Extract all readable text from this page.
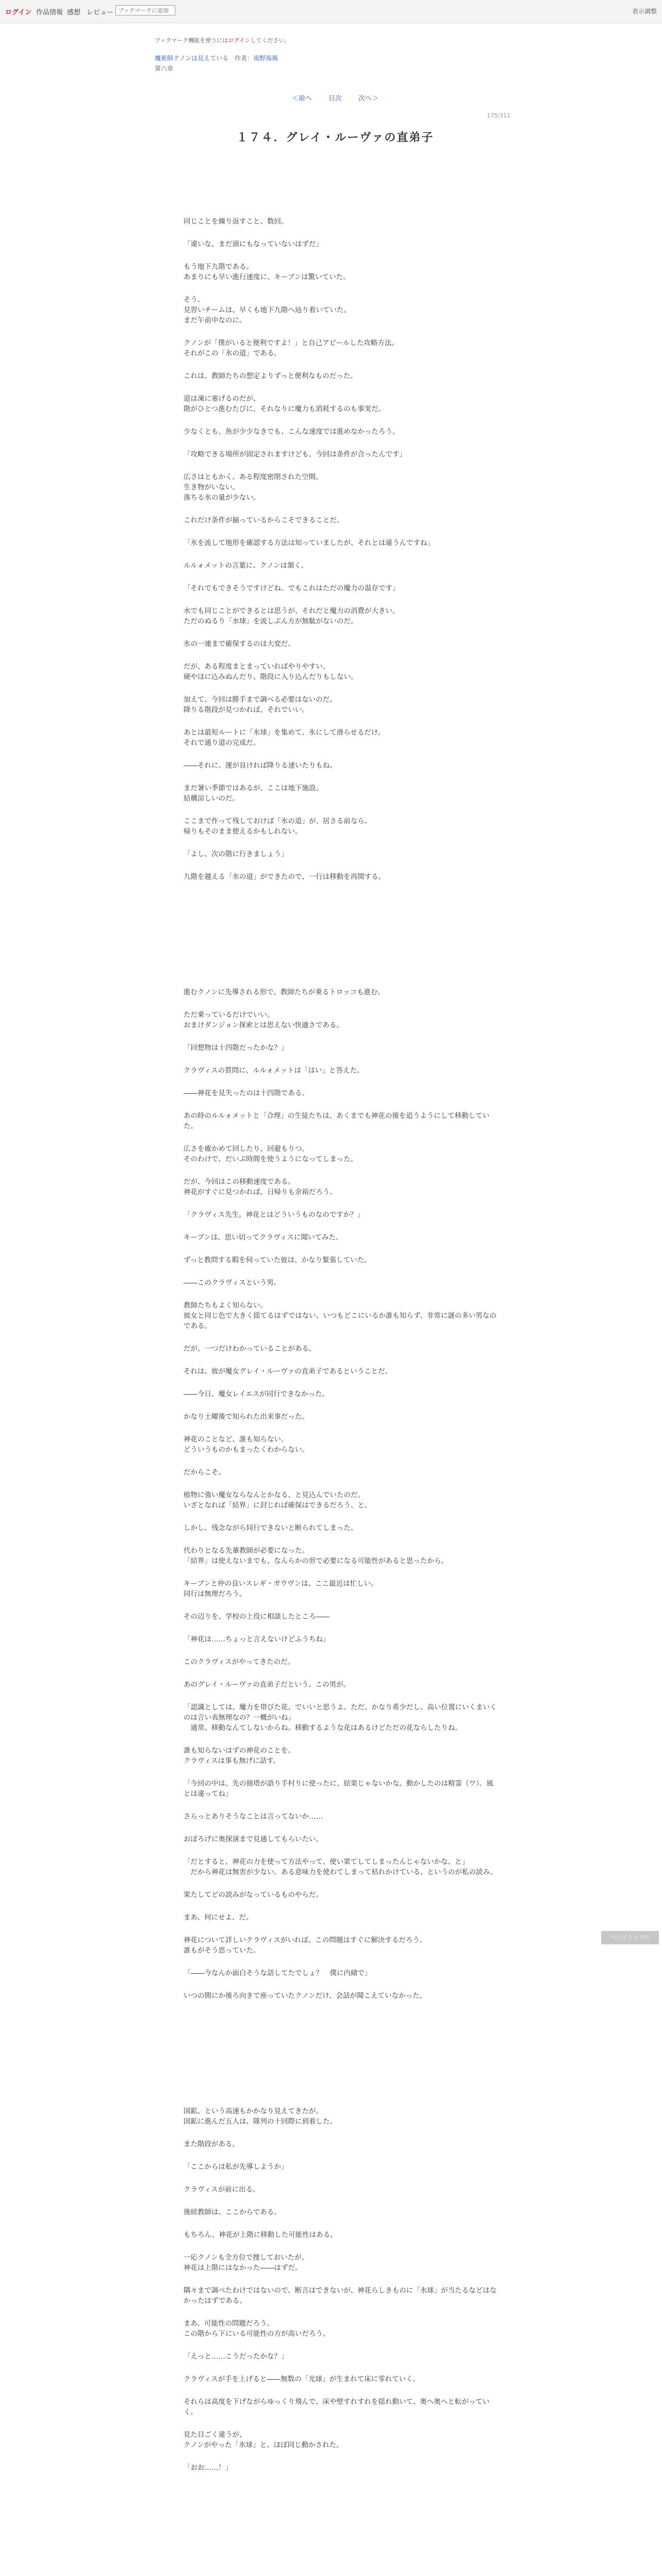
ログイン 作品情報 感想 レビュー ブックマークに追加	表示調整
ブックマーク機能を使うにはログインしてください。
魔術師クノンは見えている 作者：南野海風
第六章
＜前へ 目次 次へ＞
175/311
１７４．グレイ・ルーヴァの直弟子
同じことを繰り返すこと、数回。
「違いな、まだ頭にもなっていないはずだ」
もう地下九階である。
あまりにも早い進行速度に、キーブンは驚いていた。
そう。
見習いチームは、早くも地下九階へ辿り着いていた。
まだ午前中なのに。
クノンが「僕がいると便利ですよ！」と自己アピールした攻略方法。
それがこの「氷の道」である。
これは、教師たちの想定よりずっと便利なものだった。
道は凍に塞げるのだが、
階がひとつ進むたびに、それなりに魔力も消耗するのも事実だ。
少なくとも、魚が少少なきでも、こんな速度では進めなかったろう。
「攻略できる場所が固定されますけども、今回は条件が合ったんです」
広さはともかく、ある程度密閉された空間。
生き物がいない。
落ちる氷の量が少ない。
これだけ条件が揃っているからこそできることだ。
「氷を流して地形を確認する方法は知っていましたが、それとは違うんですね」
ルルォメットの言葉に、クノンは頷く。
「それでもできそうですけどね。でもこれはただの魔力の温存です」
水でも同じことができるとは思うが、それだと魔力の消費が大きい。
ただのぬるり「水球」を流しぶん方が無駄がないのだ。
氷の一連まで確保するのは大変だ。
だが、ある程度まとまっていればやりやすい。
硬やほに込みぬんだり、階段に入り込んだりもしない。
加えて、今回は勝手まで調べる必要はないのだ。
降りる階段が見つかれば、それでいい。
あとは最短ルートに「氷球」を集めて、氷にして滑らせるだけ。
それで通り道の完成だ。
――それに、運が良ければ降りる速いたりもね。
まだ暑い季節ではあるが、ここは地下施設。
結構涼しいのだ。
ここまで作って残しておけば「氷の道」が、居さる前なら。
帰りもそのまま使えるかもしれない。
「よし、次の階に行きましょう」
九階を越える「氷の道」ができたので、一行は移動を再開する。
進むクノンに先導される形で、教師たちが乗るトロッコも進む。
ただ乗っているだけでいい。
おまけダンジョン探索とは思えない快適さである。
「回想物は十四階だったかな？」
クラヴィスの質問に、ルルォメットは「はい」と答えた。
――神花を見失ったのは十四階である。
あの時のルルォメットと「合理」の生徒たちは、あくまでも神花の後を追うようにして移動していた。
広さを確かめて回したり、回避もりつ。
そのわけで、だいぶ時間を使うようになってしまった。
だが、今回はこの移動速度である。
神花がすぐに見つかれば、日帰りも余裕だろう。
「クラヴィス先生。神花とはどういうものなのですか？」
キーブンは、思い切ってクラヴィスに聞いてみた。
ずっと教問する暇を伺っていた彼は、かなり緊張していた。
――このクラヴィスという男。
教師たちもよく知らない。
彼女と同じ色で大きく揺てるはずではない、いつもどこにいるか誰も知らず、非常に謎の多い男なのである。
だが、一つだけわかっていることがある。
それは、彼が魔女グレイ・ルーヴァの直弟子であるということだ。
――今日、魔女レイエスが同行できなかった。
かなり土曜後で知られた出来事だった。
神花のことなど、誰も知らない。
どういうものかもまったくわからない。
だからこそ。
植物に強い魔女ならなんとかなる、と見込んでいたのだ。
いざとなれば「結界」に封じれば確保はできるだろう、と。
しかし、残念ながら同行できないと断られてしまった。
代わりとなる先輩教師が必要になった。
「結界」は使えないまでも、なんらかの形で必要になる可能性があると思ったから。
キーブンと仲の良いスレギ・ガウヴンは、ここ最近は忙しい。
同行は無理だろう。
その辺りを、学校の上役に相談したところ――
「神花は……ちょっと言えないけどふうちね」
このクラヴィスがやってきたのだ。
あのグレイ・ルーヴァの直弟子だという。この男が。
「認識としては、魔力を帯びた花、でいいと思うよ。ただ、かなり希少だし、高い位置にいくまいくのは言い表無理なの？一概がいね」
　通常、移動なんてしないからね。移動するような花はあるけどただの花ならしたりね。
誰も知らないはずの神花のことを。
クラヴィスは事も無げに話す。
「今回の中は、先の冊塔が語り手村りに使ったに、結果じゃないかな。動かしたのは精霊（ワ）。風とは違ってね」
さらっとありそうなことは言ってないか……
おぼろげに奥探演まで見通してもらいたい。
「だとすると、神花の力を使って方法やって、使い果てしてしまったんじゃないかな、と」
　だから神花は無害が少ない。ある意味力を使わてしまって枯れかけている、というのが私の読み。
果たしてどの読みがなっているものやらだ。
まあ、何にせよ、だ。
神花について詳しいクラヴィスがいれば、この問題はすぐに解決するだろう。
誰もがそう思っていた。
「――今なんか面白そうな話してたでしょ？　僕に内緒で」
いつの間にか後ろ向きで座っていたクノンだけ、会話が聞こえていなかった。
国鉱、という高速もかかなり見えてきたが。
国鉱に進んだ五人は、隊列の十回際に到着した。
また階段がある。
「ここからは私が先導しようか」
クラヴィスが前に出る。
後続教師は、ここからである。
もちろん、神花が上階に移動した可能性はある。
一応クノンも全方位で捜しておいたが、
神花は上階にはなかった――はずだ。
隅々まで調べたわけではないので、断言はできないが、神花らしきものに「氷球」が当たるなどはなかったはずである。
まあ、可能性の問題だろう。
この階から下にいる可能性の方が高いだろう。
「えっと……こうだったかな？」
クラヴィスが手を上げると――無数の「光球」が生まれて床に零れていく。
それらは高度を下げながらゆっくり飛んで、床や壁すれすれを揺れ動いて、奥へ奥へと転がっていく。
見た目ごく違うが、
クノンがやった「氷球」と、ほぼ同じ動かされた。
「おお……！」
ページトップへ
